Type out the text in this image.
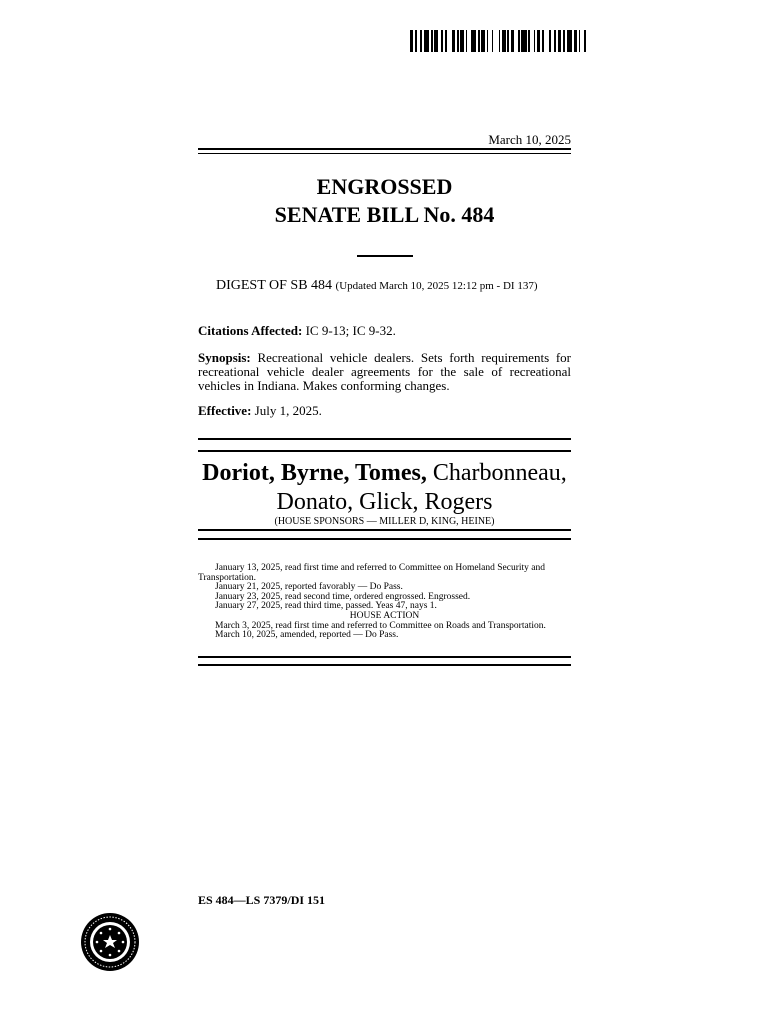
March 10, 2025
ENGROSSED
SENATE BILL No. 484
DIGEST OF SB 484 (Updated March 10, 2025 12:12 pm - DI 137)
Citations Affected: IC 9-13; IC 9-32.
Synopsis: Recreational vehicle dealers. Sets forth requirements for recreational vehicle dealer agreements for the sale of recreational vehicles in Indiana. Makes conforming changes.
Effective: July 1, 2025.
Doriot, Byrne, Tomes, Charbonneau,
Donato, Glick, Rogers
(HOUSE SPONSORS — MILLER D, KING, HEINE)
January 13, 2025, read first time and referred to Committee on Homeland Security and
Transportation.
January 21, 2025, reported favorably — Do Pass.
January 23, 2025, read second time, ordered engrossed. Engrossed.
January 27, 2025, read third time, passed. Yeas 47, nays 1.
HOUSE ACTION
March 3, 2025, read first time and referred to Committee on Roads and Transportation.
March 10, 2025, amended, reported — Do Pass.
ES 484—LS 7379/DI 151
